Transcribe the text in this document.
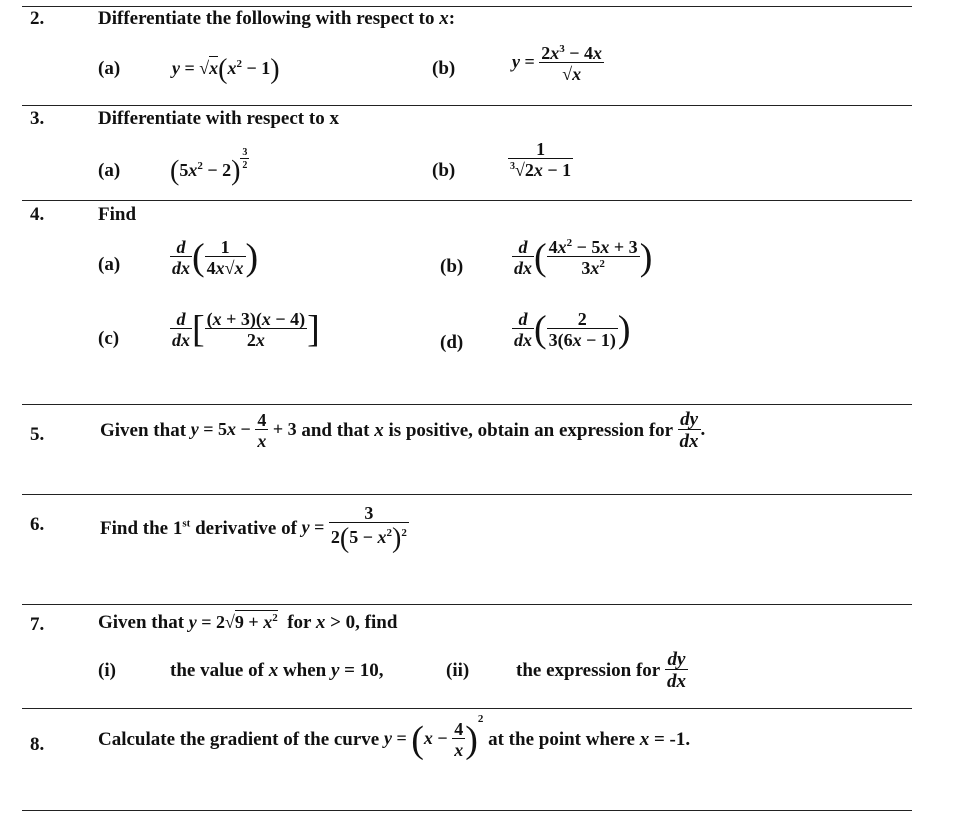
2.	Differentiate the following with respect to x:
(a)	$y = √x(x^2 - 1)$	(b)	$y = \frac{2x^3 - 4x}{√x}$
3.	Differentiate with respect to x
(a) $(5x^2 - 2)$ $^{\frac{3}{2}}$	(b)	$\frac{1}{^3√2x - 1}$
4.	Find
(a)	$\frac{d}{dx}$ ( $\frac{1}{4x√x}$ )	(b)	$\frac{d}{dx}$ ( $\frac{4x^2 - 5x + 3}{3x^2}$ )
(c)	$\frac{d}{dx}$ [ $\frac{(x + 3)(x - 4)}{2x}$ ]	(d)	$\frac{d}{dx}$ ( $\frac{2}{3(6x - 1)}$ )
5.	Given that $y = 5x - \frac{4}{x} + 3$ and that x is positive, obtain an expression for $\frac{dy}{dx}$ .
6.	Find the 1st derivative of $y = \frac{3}{2(5 - x^2)^2}$
7.	Given that $y = 2√9 + x^2$  for x > 0, find
(i)	the value of x when y = 10,	(ii) the expression for $\frac{dy}{dx}$
8.	Calculate the gradient of the curve $y = (x - \frac{4}{x} )^2$ at the point where x = -1.
